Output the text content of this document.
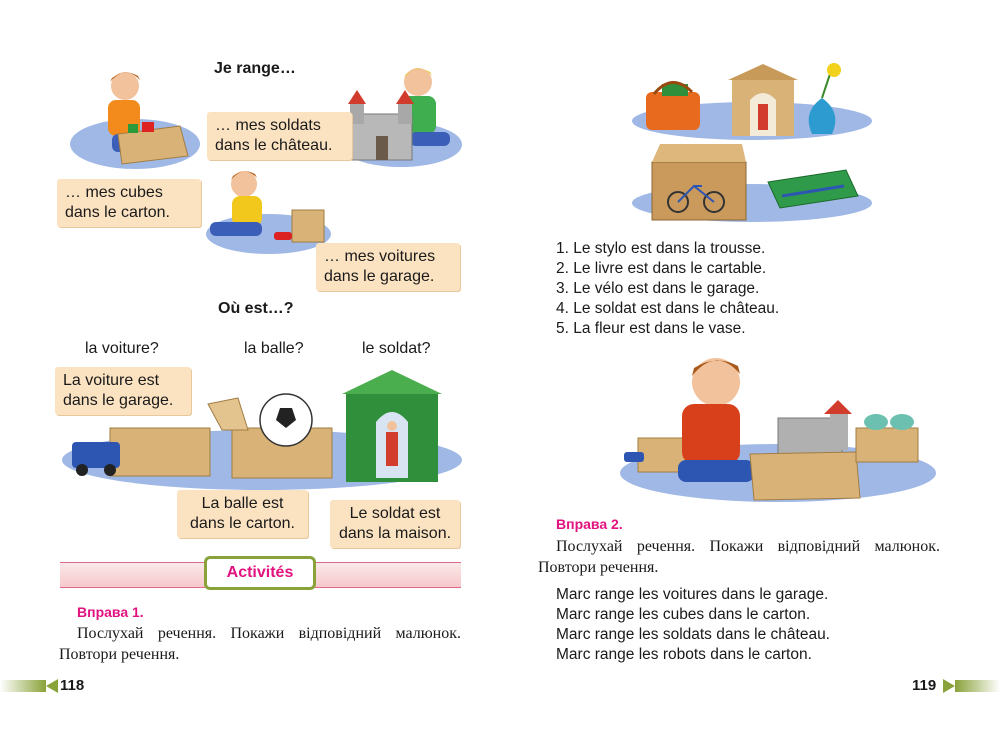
Je range…
… mes soldats dans le château.
… mes cubes dans le carton.
… mes voitures dans le garage.
Où est…?
la voiture?	la balle?	le soldat?
La voiture est dans le garage.
La balle est dans le carton.
Le soldat est dans la maison.
Activités
Вправа 1.
Послухай речення. Покажи відповідний малюнок. Повтори речення.
118
1. Le stylo est dans la trousse.
2. Le livre est dans le cartable.
3. Le vélo est dans le garage.
4. Le soldat est dans le château.
5. La fleur est dans le vase.
Вправа 2.
Послухай речення. Покажи відповідний малюнок. Повтори речення.
Marc range les voitures dans le garage.
Marc range les cubes dans le carton.
Marc range les soldats dans le château.
Marc range les robots dans le carton.
119
